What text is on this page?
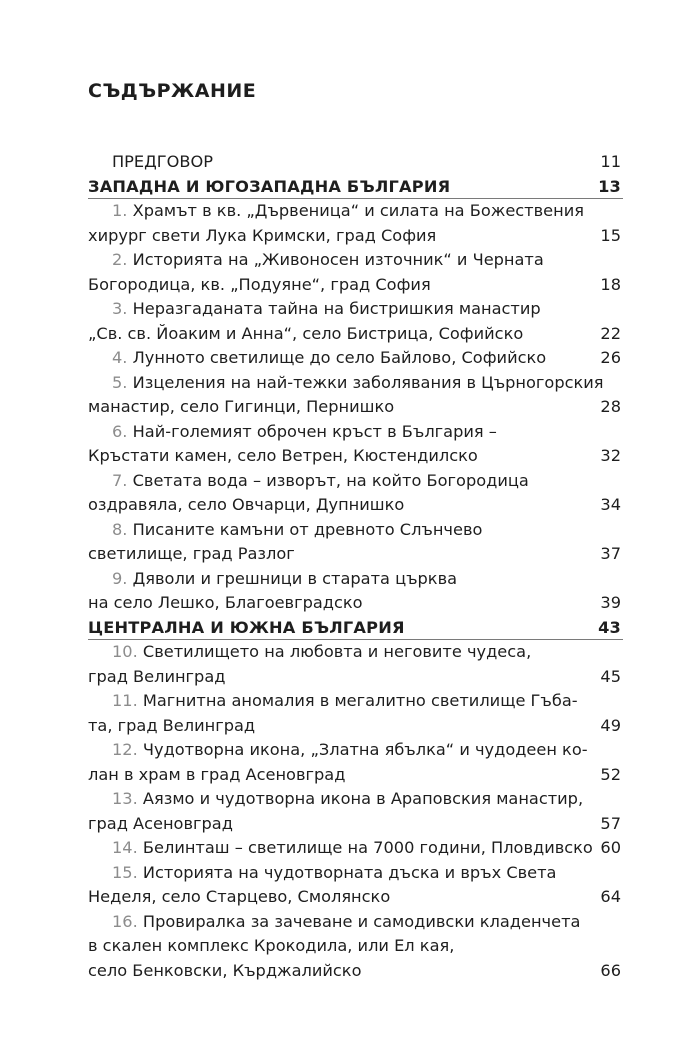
СЪДЪРЖАНИЕ
ПРЕДГОВОР	11
ЗАПАДНА И ЮГОЗАПАДНА БЪЛГАРИЯ	13
1. Храмът в кв. „Дървеница“ и силата на Божествения
хирург свети Лука Кримски, град София	15
2. Историята на „Живоносен източник“ и Черната
Богородица, кв. „Подуяне“, град София	18
3. Неразгаданата тайна на бистришкия манастир
„Св. св. Йоаким и Анна“, село Бистрица, Софийско	22
4. Лунното светилище до село Байлово, Софийско	26
5. Изцеления на най-тежки заболявания в Църногорския
манастир, село Гигинци, Пернишко	28
6. Най-големият оброчен кръст в България –
Кръстати камен, село Ветрен, Кюстендилско	32
7. Светата вода – изворът, на който Богородица
оздравяла, село Овчарци, Дупнишко	34
8. Писаните камъни от древното Слънчево
светилище, град Разлог	37
9. Дяволи и грешници в старата църква
на село Лешко, Благоевградско	39
ЦЕНТРАЛНА И ЮЖНА БЪЛГАРИЯ	43
10. Светилището на любовта и неговите чудеса,
град Велинград	45
11. Магнитна аномалия в мегалитно светилище Гъба-
та, град Велинград	49
12. Чудотворна икона, „Златна ябълка“ и чудодеен ко-
лан в храм в град Асеновград	52
13. Аязмо и чудотворна икона в Араповския манастир,
град Асеновград	57
14. Белинташ – светилище на 7000 години, Пловдивско 60
15. Историята на чудотворната дъска и връх Света
Неделя, село Старцево, Смолянско	64
16. Провиралка за зачеване и самодивски кладенчета
в скален комплекс Крокодила, или Ел кая,
село Бенковски, Кърджалийско	66
